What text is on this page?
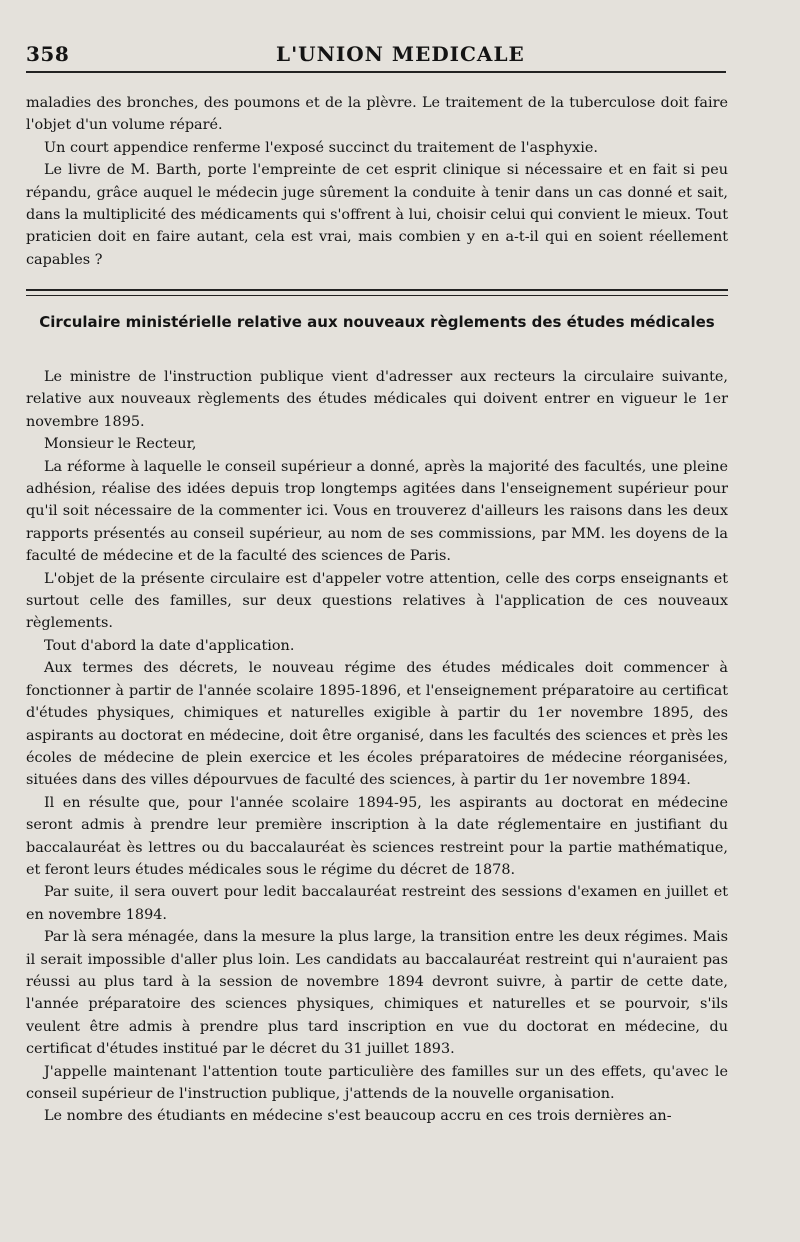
358	L'UNION MEDICALE

maladies des bronches, des poumons et de la plèvre. Le traitement de la tuberculose doit faire l'objet d'un volume réparé.

Un court appendice renferme l'exposé succinct du traitement de l'asphyxie.

Le livre de M. Barth, porte l'empreinte de cet esprit clinique si nécessaire et en fait si peu répandu, grâce auquel le médecin juge sûrement la conduite à tenir dans un cas donné et sait, dans la multiplicité des médicaments qui s'offrent à lui, choisir celui qui convient le mieux. Tout praticien doit en faire autant, cela est vrai, mais combien y en a-t-il qui en soient réellement capables ?

Circulaire ministérielle relative aux nouveaux règlements des études médicales

Le ministre de l'instruction publique vient d'adresser aux recteurs la circulaire suivante, relative aux nouveaux règlements des études médicales qui doivent entrer en vigueur le 1er novembre 1895.

Monsieur le Recteur,

La réforme à laquelle le conseil supérieur a donné, après la majorité des facultés, une pleine adhésion, réalise des idées depuis trop longtemps agitées dans l'enseignement supérieur pour qu'il soit nécessaire de la commenter ici. Vous en trouverez d'ailleurs les raisons dans les deux rapports présentés au conseil supérieur, au nom de ses commissions, par MM. les doyens de la faculté de médecine et de la faculté des sciences de Paris.

L'objet de la présente circulaire est d'appeler votre attention, celle des corps enseignants et surtout celle des familles, sur deux questions relatives à l'application de ces nouveaux règlements.

Tout d'abord la date d'application.

Aux termes des décrets, le nouveau régime des études médicales doit commencer à fonctionner à partir de l'année scolaire 1895-1896, et l'enseignement préparatoire au certificat d'études physiques, chimiques et naturelles exigible à partir du 1er novembre 1895, des aspirants au doctorat en médecine, doit être organisé, dans les facultés des sciences et près les écoles de médecine de plein exercice et les écoles préparatoires de médecine réorganisées, situées dans des villes dépourvues de faculté des sciences, à partir du 1er novembre 1894.

Il en résulte que, pour l'année scolaire 1894-95, les aspirants au doctorat en médecine seront admis à prendre leur première inscription à la date réglementaire en justifiant du baccalauréat ès lettres ou du baccalauréat ès sciences restreint pour la partie mathématique, et feront leurs études médicales sous le régime du décret de 1878.

Par suite, il sera ouvert pour ledit baccalauréat restreint des sessions d'examen en juillet et en novembre 1894.

Par là sera ménagée, dans la mesure la plus large, la transition entre les deux régimes. Mais il serait impossible d'aller plus loin. Les candidats au baccalauréat restreint qui n'auraient pas réussi au plus tard à la session de novembre 1894 devront suivre, à partir de cette date, l'année préparatoire des sciences physiques, chimiques et naturelles et se pourvoir, s'ils veulent être admis à prendre plus tard inscription en vue du doctorat en médecine, du certificat d'études institué par le décret du 31 juillet 1893.

J'appelle maintenant l'attention toute particulière des familles sur un des effets, qu'avec le conseil supérieur de l'instruction publique, j'attends de la nouvelle organisation.

Le nombre des étudiants en médecine s'est beaucoup accru en ces trois dernières an-
